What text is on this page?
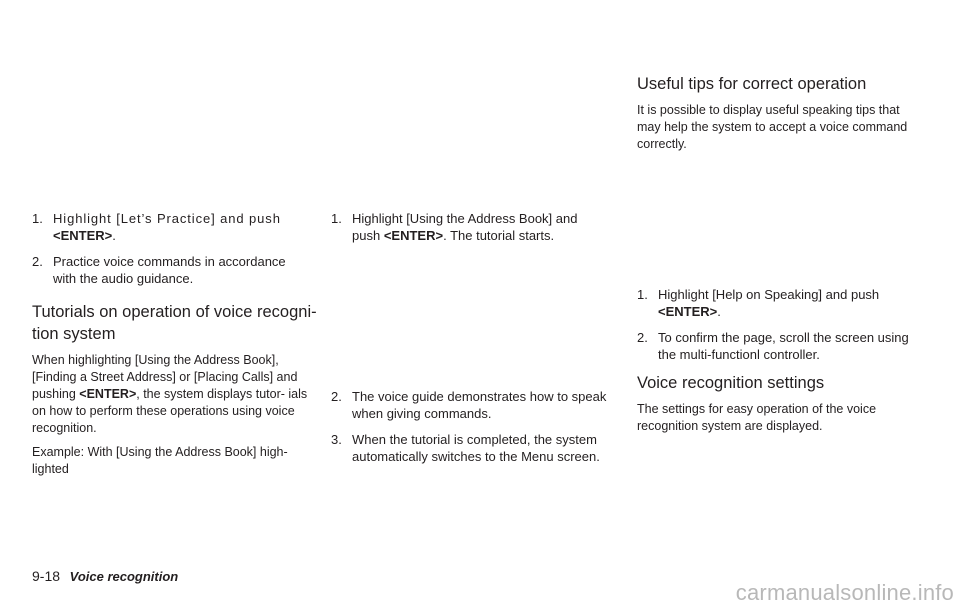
1. Highlight [Let’s Practice] and push
<ENTER>.
2. Practice voice commands in accordance
with the audio guidance.
Tutorials on operation of voice recogni- tion system

When highlighting [Using the Address Book], [Finding a Street Address] or [Placing Calls] and pushing <ENTER>, the system displays tutor- ials on how to perform these operations using voice recognition.

Example: With [Using the Address Book] high- lighted

1. Highlight [Using the Address Book] and
push <ENTER>. The tutorial starts.
2. The voice guide demonstrates how to speak
when giving commands.
3. When the tutorial is completed, the system
automatically switches to the Menu screen.
Useful tips for correct operation

It is possible to display useful speaking tips that may help the system to accept a voice command correctly.

1. Highlight [Help on Speaking] and push
<ENTER>.
2. To confirm the page, scroll the screen using
the multi-functionl controller.
Voice recognition settings

The settings for easy operation of the voice recognition system are displayed.

9-18 Voice recognition
carmanualsonline.info
